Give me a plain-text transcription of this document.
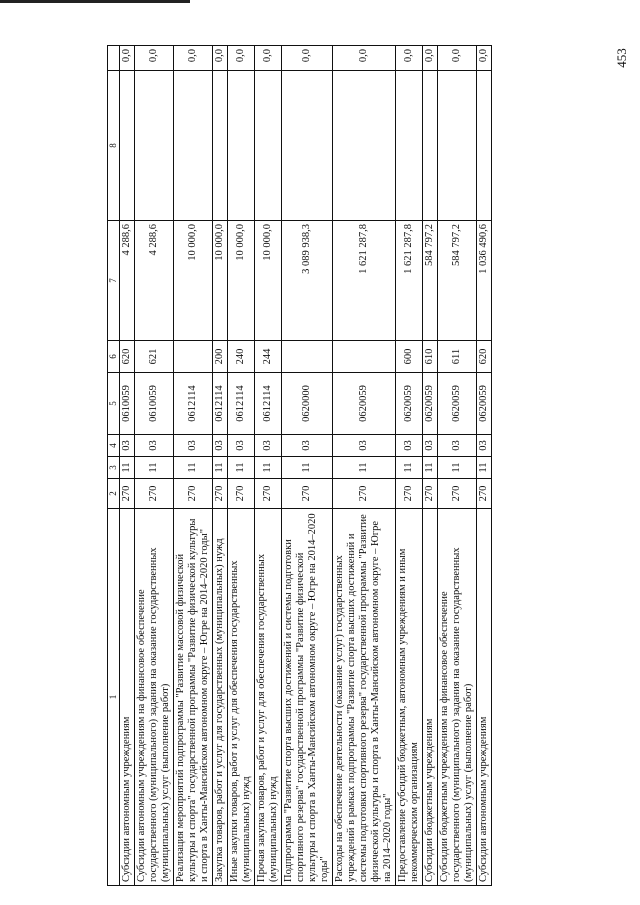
453
1	2	3	4	5	6	7	8	
Субсидии автономным учреждениям	270	11	03	0610059	620	4 288,6		0,0
Субсидии автономным учреждениям на финансовое обеспечение государственного (муниципального) задания на оказание государственных (муниципальных) услуг (выполнение работ)	270	11	03	0610059	621	4 288,6		0,0
Реализация мероприятий подпрограммы "Развитие массовой физической культуры и спорта" государственной программы "Развитие физической культуры и спорта в Ханты-Мансийском автономном округе – Югре на 2014–2020 годы"	270	11	03	0612114		10 000,0		0,0
Закупка товаров, работ и услуг для государственных (муниципальных) нужд	270	11	03	0612114	200	10 000,0		0,0
Иные закупки товаров, работ и услуг для обеспечения государственных (муниципальных) нужд	270	11	03	0612114	240	10 000,0		0,0
Прочая закупка товаров, работ и услуг для обеспечения государственных (муниципальных) нужд	270	11	03	0612114	244	10 000,0		0,0
Подпрограмма "Развитие спорта высших достижений и системы подготовки спортивного резерва" государственной программы "Развитие физической культуры и спорта в Ханты-Мансийском автономном округе – Югре на 2014–2020 годы"	270	11	03	0620000		3 089 938,3		0,0
Расходы на обеспечение деятельности (оказание услуг) государственных учреждений в рамках подпрограммы "Развитие спорта высших достижений и системы подготовки спортивного резерва" государственной программы "Развитие физической культуры и спорта в Ханты-Мансийском автономном округе – Югре на 2014–2020 годы"	270	11	03	0620059		1 621 287,8		0,0
Предоставление субсидий бюджетным, автономным учреждениям и иным некоммерческим организациям	270	11	03	0620059	600	1 621 287,8		0,0
Субсидии бюджетным учреждениям	270	11	03	0620059	610	584 797,2		0,0
Субсидии бюджетным учреждениям на финансовое обеспечение государственного (муниципального) задания на оказание государственных (муниципальных) услуг (выполнение работ)	270	11	03	0620059	611	584 797,2		0,0
Субсидии автономным учреждениям	270	11	03	0620059	620	1 036 490,6		0,0
